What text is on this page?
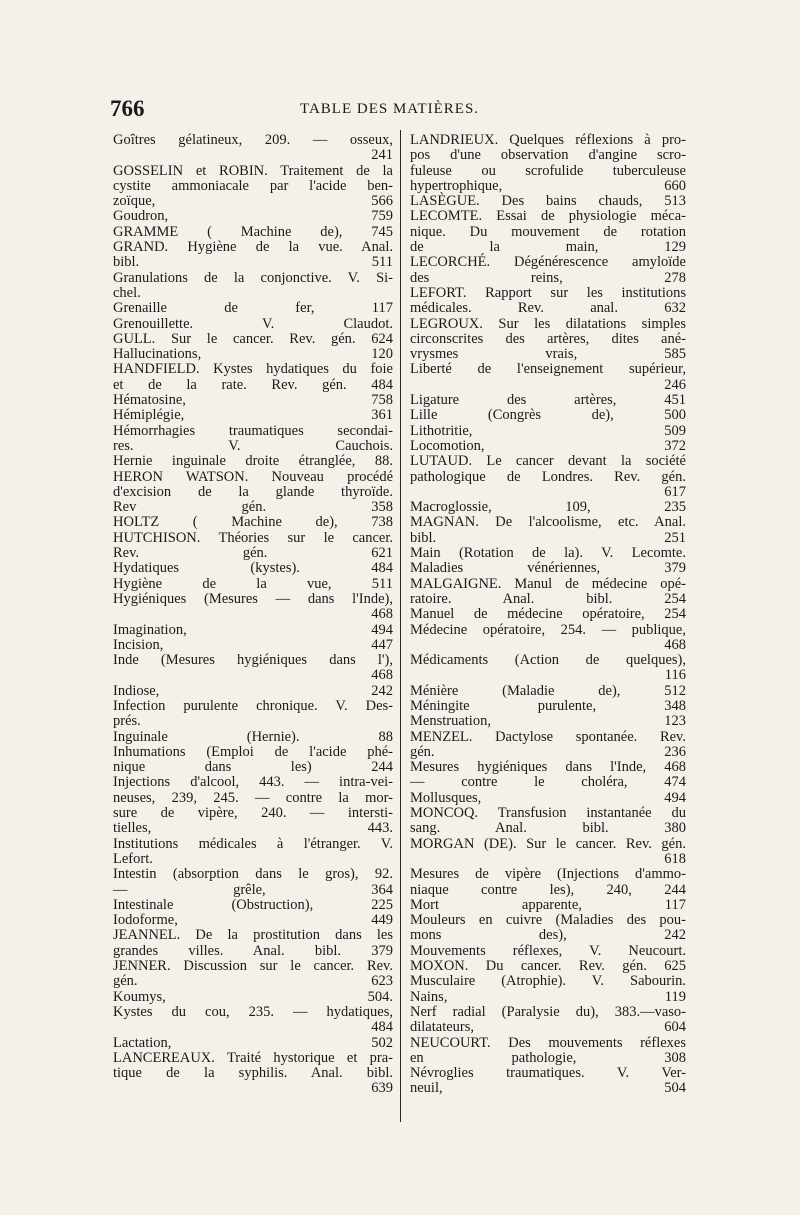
766	TABLE DES MATIÈRES.

Goîtres gélatineux, 209. — osseux,

241

GOSSELIN et ROBIN. Traitement de la

cystite ammoniacale par l'acide ben-

zoïque, 566

Goudron, 759

GRAMME ( Machine de), 745

GRAND. Hygiène de la vue. Anal.

bibl. 511

Granulations de la conjonctive. V. Si-

chel.

Grenaille de fer, 117

Grenouillette. V. Claudot.

GULL. Sur le cancer. Rev. gén. 624

Hallucinations, 120

HANDFIELD. Kystes hydatiques du foie

et de la rate. Rev. gén. 484

Hématosine, 758

Hémiplégie, 361

Hémorrhagies traumatiques secondai-

res. V. Cauchois.

Hernie inguinale droite étranglée, 88.

HERON WATSON. Nouveau procédé

d'excision de la glande thyroïde.

Rev gén. 358

HOLTZ ( Machine de), 738

HUTCHISON. Théories sur le cancer.

Rev. gén. 621

Hydatiques (kystes). 484

Hygiène de la vue, 511

Hygiéniques (Mesures — dans l'Inde),

468

Imagination, 494

Incision, 447

Inde (Mesures hygiéniques dans l'),

468

Indiose, 242

Infection purulente chronique. V. Des-

prés.

Inguinale (Hernie). 88

Inhumations (Emploi de l'acide phé-

nique dans les) 244

Injections d'alcool, 443. — intra-vei-

neuses, 239, 245. — contre la mor-

sure de vipère, 240. — intersti-

tielles, 443.

Institutions médicales à l'étranger. V.

Lefort.

Intestin (absorption dans le gros), 92.

— grêle, 364

Intestinale (Obstruction), 225

Iodoforme, 449

JEANNEL. De la prostitution dans les

grandes villes. Anal. bibl. 379

JENNER. Discussion sur le cancer. Rev.

gén. 623

Koumys, 504.

Kystes du cou, 235. — hydatiques,

484

Lactation, 502

LANCEREAUX. Traité hystorique et pra-

tique de la syphilis. Anal. bibl.

639

LANDRIEUX. Quelques réflexions à pro-

pos d'une observation d'angine scro-

fuleuse ou scrofulide tuberculeuse

hypertrophique, 660

LASÈGUE. Des bains chauds, 513

LECOMTE. Essai de physiologie méca-

nique. Du mouvement de rotation

de la main, 129

LECORCHÉ. Dégénérescence amyloïde

des reins, 278

LEFORT. Rapport sur les institutions

médicales. Rev. anal. 632

LEGROUX. Sur les dilatations simples

circonscrites des artères, dites ané-

vrysmes vrais, 585

Liberté de l'enseignement supérieur,

246

Ligature des artères, 451

Lille (Congrès de), 500

Lithotritie, 509

Locomotion, 372

LUTAUD. Le cancer devant la société

pathologique de Londres. Rev. gén.

617

Macroglossie, 109, 235

MAGNAN. De l'alcoolisme, etc. Anal.

bibl. 251

Main (Rotation de la). V. Lecomte.

Maladies vénériennes, 379

MALGAIGNE. Manul de médecine opé-

ratoire. Anal. bibl. 254

Manuel de médecine opératoire, 254

Médecine opératoire, 254. — publique,

468

Médicaments (Action de quelques),

116

Ménière (Maladie de), 512

Méningite purulente, 348

Menstruation, 123

MENZEL. Dactylose spontanée. Rev.

gén. 236

Mesures hygiéniques dans l'Inde, 468

— contre le choléra, 474

Mollusques, 494

MONCOQ. Transfusion instantanée du

sang. Anal. bibl. 380

MORGAN (DE). Sur le cancer. Rev. gén.

618

Mesures de vipère (Injections d'ammo-

niaque contre les), 240, 244

Mort apparente, 117

Mouleurs en cuivre (Maladies des pou-

mons des), 242

Mouvements réflexes, V. Neucourt.

MOXON. Du cancer. Rev. gén. 625

Musculaire (Atrophie). V. Sabourin.

Nains, 119

Nerf radial (Paralysie du), 383.—vaso-

dilatateurs, 604

NEUCOURT. Des mouvements réflexes

en pathologie, 308

Névroglies traumatiques. V. Ver-

neuil, 504
